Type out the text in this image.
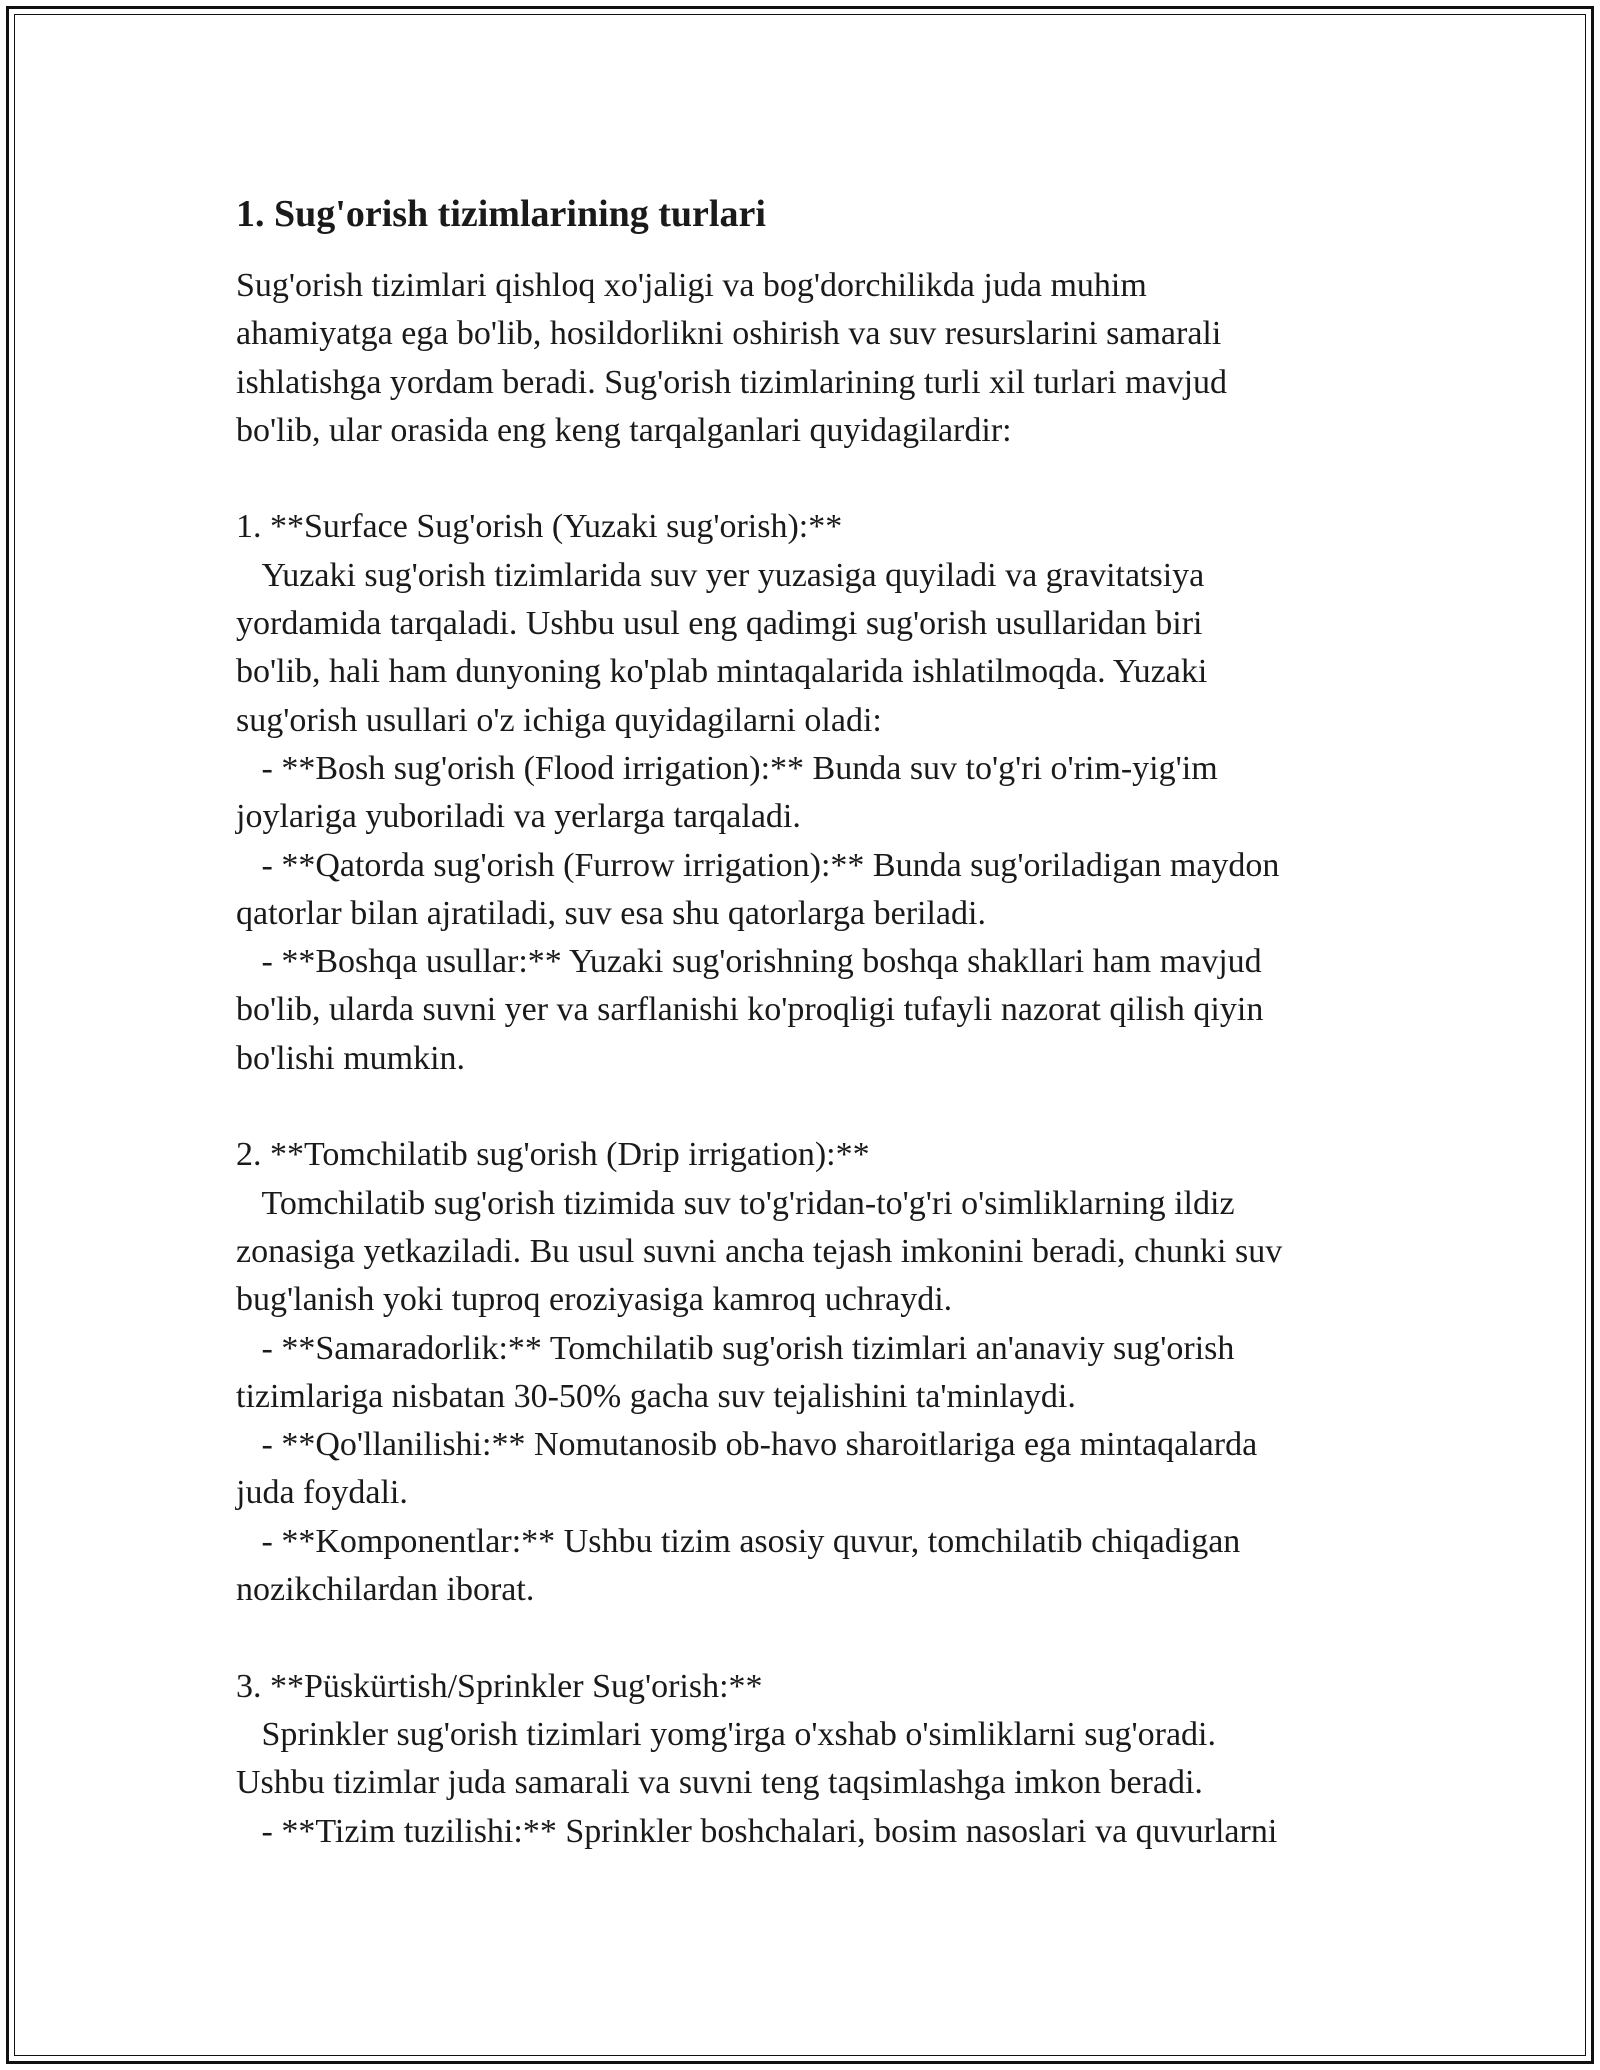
1. Sug'orish tizimlarining turlari

Sug'orish tizimlari qishloq xo'jaligi va bog'dorchilikda juda muhim
ahamiyatga ega bo'lib, hosildorlikni oshirish va suv resurslarini samarali
ishlatishga yordam beradi. Sug'orish tizimlarining turli xil turlari mavjud
bo'lib, ular orasida eng keng tarqalganlari quyidagilardir:

1. **Surface Sug'orish (Yuzaki sug'orish):**
Yuzaki sug'orish tizimlarida suv yer yuzasiga quyiladi va gravitatsiya
yordamida tarqaladi. Ushbu usul eng qadimgi sug'orish usullaridan biri
bo'lib, hali ham dunyoning ko'plab mintaqalarida ishlatilmoqda. Yuzaki
sug'orish usullari o'z ichiga quyidagilarni oladi:
- **Bosh sug'orish (Flood irrigation):** Bunda suv to'g'ri o'rim-yig'im
joylariga yuboriladi va yerlarga tarqaladi.
- **Qatorda sug'orish (Furrow irrigation):** Bunda sug'oriladigan maydon
qatorlar bilan ajratiladi, suv esa shu qatorlarga beriladi.
- **Boshqa usullar:** Yuzaki sug'orishning boshqa shakllari ham mavjud
bo'lib, ularda suvni yer va sarflanishi ko'proqligi tufayli nazorat qilish qiyin
bo'lishi mumkin.

2. **Tomchilatib sug'orish (Drip irrigation):**
Tomchilatib sug'orish tizimida suv to'g'ridan-to'g'ri o'simliklarning ildiz
zonasiga yetkaziladi. Bu usul suvni ancha tejash imkonini beradi, chunki suv
bug'lanish yoki tuproq eroziyasiga kamroq uchraydi.
- **Samaradorlik:** Tomchilatib sug'orish tizimlari an'anaviy sug'orish
tizimlariga nisbatan 30-50% gacha suv tejalishini ta'minlaydi.
- **Qo'llanilishi:** Nomutanosib ob-havo sharoitlariga ega mintaqalarda
juda foydali.
- **Komponentlar:** Ushbu tizim asosiy quvur, tomchilatib chiqadigan
nozikchilardan iborat.

3. **Püskürtish/Sprinkler Sug'orish:**
Sprinkler sug'orish tizimlari yomg'irga o'xshab o'simliklarni sug'oradi.
Ushbu tizimlar juda samarali va suvni teng taqsimlashga imkon beradi.
- **Tizim tuzilishi:** Sprinkler boshchalari, bosim nasoslari va quvurlarni
